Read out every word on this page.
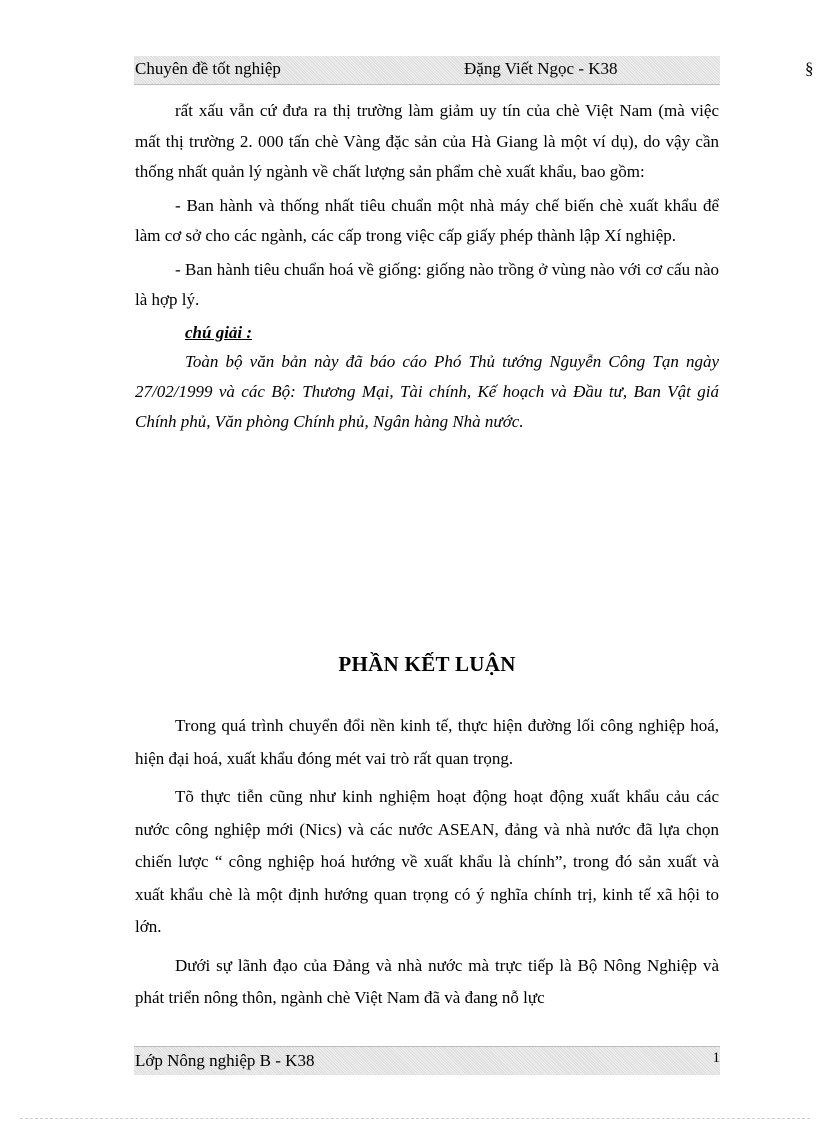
Chuyên đề tốt nghiệp	Đặng Viết Ngọc - K38	§

rất xấu vẫn cứ đưa ra thị trường làm giảm uy tín của chè Việt Nam (mà việc mất thị trường 2. 000 tấn chè Vàng đặc sản của Hà Giang là một ví dụ), do vậy cần thống nhất quản lý ngành về chất lượng sản phẩm chè xuất khẩu, bao gồm:

- Ban hành và thống nhất tiêu chuẩn một nhà máy chế biến chè xuất khẩu để làm cơ sở cho các ngành, các cấp trong việc cấp giấy phép thành lập Xí nghiệp.

- Ban hành tiêu chuẩn hoá về giống: giống nào trồng ở vùng nào với cơ cấu nào là hợp lý.

chú giải :

Toàn bộ văn bản này đã báo cáo Phó Thủ tướng Nguyễn Công Tạn ngày 27/02/1999 và các Bộ: Thương Mại, Tài chính, Kế hoạch và Đầu tư, Ban Vật giá Chính phủ, Văn phòng Chính phủ, Ngân hàng Nhà nước.

PHẦN KẾT LUẬN

Trong quá trình chuyển đổi nền kinh tế, thực hiện đường lối công nghiệp hoá, hiện đại hoá, xuất khẩu đóng mét vai trò rất quan trọng.

Tõ thực tiễn cũng như kinh nghiệm hoạt động hoạt động xuất khẩu cảu các nước công nghiệp mới (Nics) và các nước ASEAN, đảng và nhà nước đã lựa chọn chiến lược “ công nghiệp hoá hướng về xuất khẩu là chính”, trong đó sản xuất và xuất khẩu chè là một định hướng quan trọng có ý nghĩa chính trị, kinh tế xã hội to lớn.

Dưới sự lãnh đạo của Đảng và nhà nước mà trực tiếp là Bộ Nông Nghiệp và phát triển nông thôn, ngành chè Việt Nam đã và đang nỗ lực

Lớp Nông nghiệp B - K38	1
